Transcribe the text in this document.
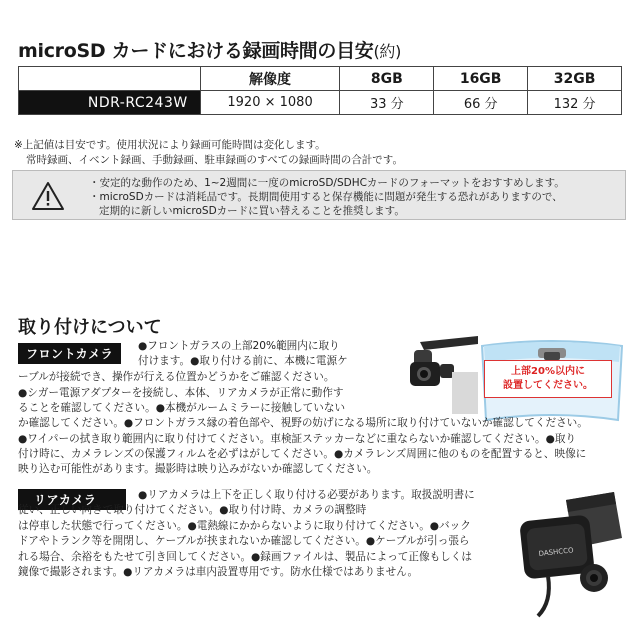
microSD カードにおける録画時間の目安(約)
	解像度	8GB	16GB	32GB
NDR-RC243W	1920 × 1080	33 分	66 分	132 分
※上記値は目安です。使用状況により録画可能時間は変化します。
常時録画、イベント録画、手動録画、駐車録画のすべての録画時間の合計です。
・安定的な動作のため、1~2週間に一度のmicroSD/SDHCカードのフォーマットをおすすめします。
・microSDカードは消耗品です。長期間使用すると保存機能に問題が発生する恐れがありますので、
定期的に新しいmicroSDカードに買い替えることを推奨します。
取り付けについて
フロントカメラ
上部20%以内に
設置してください。
●フロントガラスの上部20%範囲内に取り
付けます。●取り付ける前に、本機に電源ケ
ーブルが接続でき、操作が行える位置かどうかをご確認ください。
●シガー電源アダプターを接続し、本体、リアカメラが正常に動作す
ることを確認してください。●本機がルームミラーに接触していない
か確認してください。●フロントガラス縁の着色部や、視野の妨げになる場所に取り付けていないか確認してください。
●ワイパーの拭き取り範囲内に取り付けてください。車検証ステッカーなどに重ならないか確認してください。●取り
付け時に、カメラレンズの保護フィルムを必ずはがしてください。●カメラレンズ周囲に他のものを配置すると、映像に
映り込む可能性があります。撮影時は映り込みがないか確認してください。
リアカメラ	●リアカメラは上下を正しく取り付ける必要があります。取扱説明書に
従い、正しい向きで取り付けてください。●取り付け時、カメラの調整時
は停車した状態で行ってください。●電熱線にかからないように取り付けてください。●バック
ドアやトランク等を開閉し、ケーブルが挟まれないか確認してください。●ケーブルが引っ張ら
れる場合、余裕をもたせて引き回してください。●録画ファイルは、製品によって正像もしくは
鏡像で撮影されます。●リアカメラは車内設置専用です。防水仕様ではありません。
DASHCCO
